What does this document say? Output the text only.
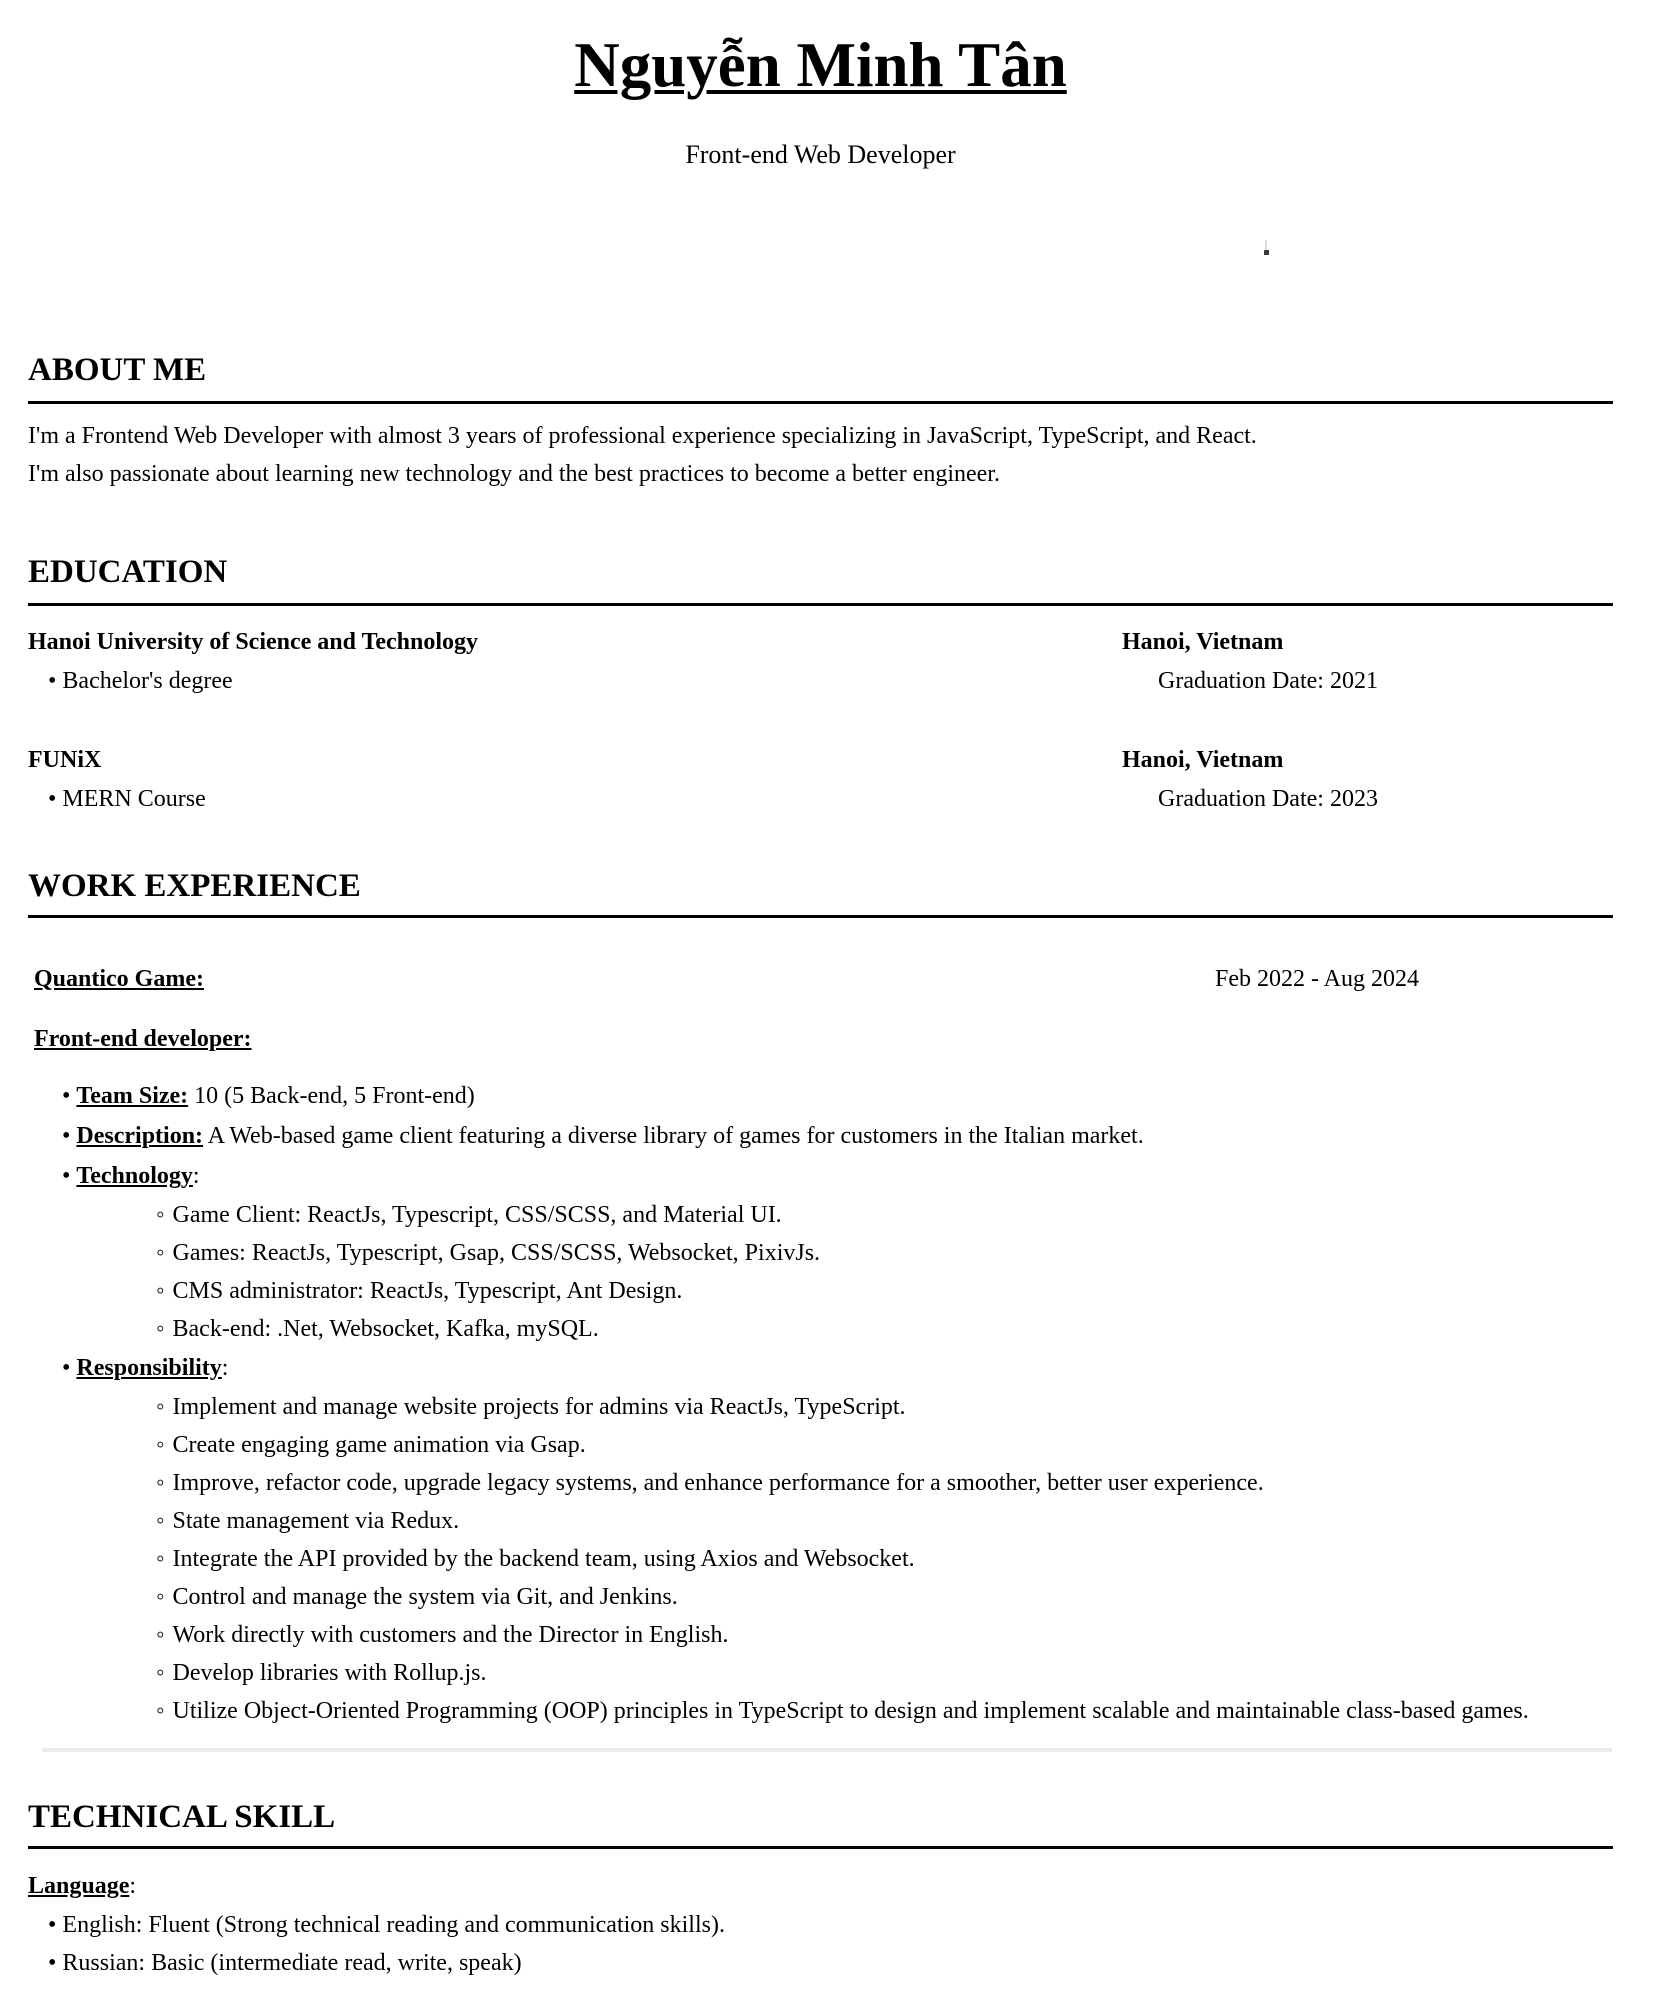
Nguyễn Minh Tân
Front-end Web Developer
ABOUT ME
I'm a Frontend Web Developer with almost 3 years of professional experience specializing in JavaScript, TypeScript, and React.
I'm also passionate about learning new technology and the best practices to become a better engineer.
EDUCATION
Hanoi University of Science and Technology	Hanoi, Vietnam
• Bachelor's degree	Graduation Date: 2021
FUNiX	Hanoi, Vietnam
• MERN Course	Graduation Date: 2023
WORK EXPERIENCE
Quantico Game:	Feb 2022 - Aug 2024
Front-end developer:
• Team Size: 10 (5 Back-end, 5 Front-end)
• Description: A Web-based game client featuring a diverse library of games for customers in the Italian market.
• Technology:
◦ Game Client: ReactJs, Typescript, CSS/SCSS, and Material UI.
◦ Games: ReactJs, Typescript, Gsap, CSS/SCSS, Websocket, PixivJs.
◦ CMS administrator: ReactJs, Typescript, Ant Design.
◦ Back-end: .Net, Websocket, Kafka, mySQL.
• Responsibility:
◦ Implement and manage website projects for admins via ReactJs, TypeScript.
◦ Create engaging game animation via Gsap.
◦ Improve, refactor code, upgrade legacy systems, and enhance performance for a smoother, better user experience.
◦ State management via Redux.
◦ Integrate the API provided by the backend team, using Axios and Websocket.
◦ Control and manage the system via Git, and Jenkins.
◦ Work directly with customers and the Director in English.
◦ Develop libraries with Rollup.js.
◦ Utilize Object-Oriented Programming (OOP) principles in TypeScript to design and implement scalable and maintainable class-based games.
TECHNICAL SKILL
Language:
• English: Fluent (Strong technical reading and communication skills).
• Russian: Basic (intermediate read, write, speak)
